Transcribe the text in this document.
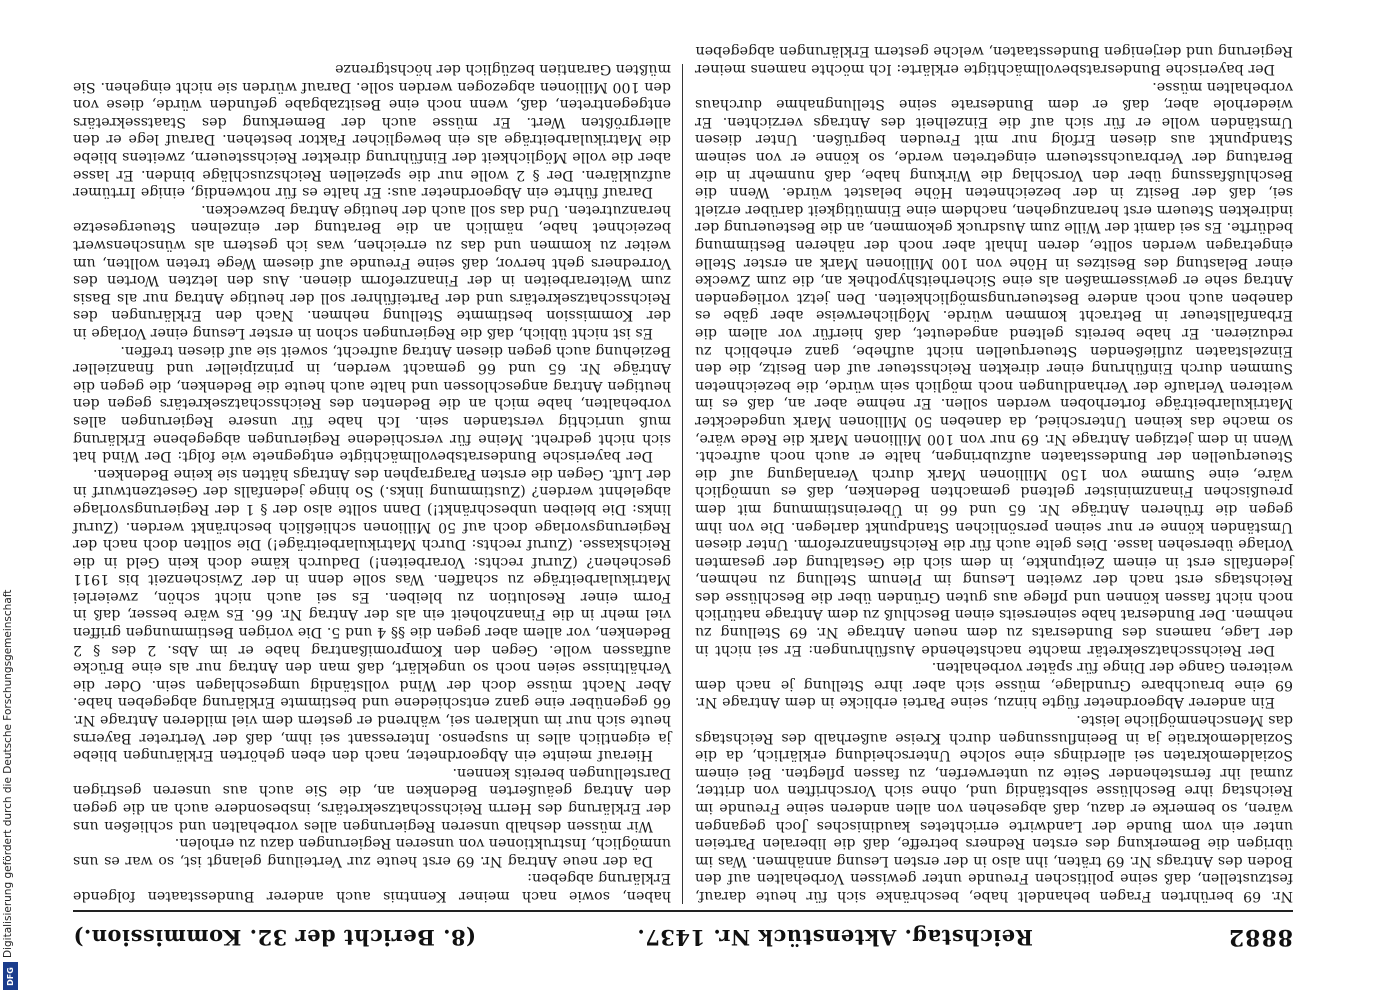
8882
Reichstag. Aktenstück Nr. 1437.
(8. Bericht der 32. Kommission.)

Nr. 69 berührten Fragen behandelt habe, beschränke sich für heute darauf, festzustellen, daß seine politischen Freunde unter gewissen Vorbehalten auf den Boden des Antrags Nr. 69 träten, ihn also in der ersten Lesung annähmen. Was im übrigen die Bemerkung des ersten Redners betreffe, daß die liberalen Parteien unter ein vom Bunde der Landwirte errichtetes kaudinisches Joch gegangen wären, so bemerke er dazu, daß abgesehen von allen anderen seine Freunde im Reichstag ihre Beschlüsse selbständig und, ohne sich Vorschriften von dritter, zumal ihr fernstehender Seite zu unterwerfen, zu fassen pflegten. Bei einem Sozialdemokraten sei allerdings eine solche Unterscheidung erklärlich, da die Sozialdemokratie ja in Beeinflussungen durch Kreise außerhalb des Reichstags das Menschenmögliche leiste.

Ein anderer Abgeordneter fügte hinzu, seine Partei erblicke in dem Antrage Nr. 69 eine brauchbare Grundlage, müsse sich aber ihre Stellung je nach dem weiteren Gange der Dinge für später vorbehalten.

Der Reichsschatzsekretär machte nachstehende Ausführungen: Er sei nicht in der Lage, namens des Bundesrats zu dem neuen Antrage Nr. 69 Stellung zu nehmen. Der Bundesrat habe seinerseits einen Beschluß zu dem Antrage natürlich noch nicht fassen können und pflege aus guten Gründen über die Beschlüsse des Reichstags erst nach der zweiten Lesung im Plenum Stellung zu nehmen, jedenfalls erst in einem Zeitpunkte, in dem sich die Gestaltung der gesamten Vorlage übersehen lasse. Dies gelte auch für die Reichsfinanzreform. Unter diesen Umständen könne er nur seinen persönlichen Standpunkt darlegen. Die von ihm gegen die früheren Anträge Nr. 65 und 66 in Übereinstimmung mit dem preußischen Finanzminister geltend gemachten Bedenken, daß es unmöglich wäre, eine Summe von 150 Millionen Mark durch Veranlagung auf die Steuerquellen der Bundesstaaten aufzubringen, halte er auch noch aufrecht. Wenn in dem jetzigen Antrage Nr. 69 nur von 100 Millionen Mark die Rede wäre, so mache das keinen Unterschied, da daneben 50 Millionen Mark ungedeckter Matrikularbeiträge forterhoben werden sollen. Er nehme aber an, daß es im weiteren Verlaufe der Verhandlungen noch möglich sein würde, die bezeichneten Summen durch Einführung einer direkten Reichssteuer auf den Besitz, die den Einzelstaaten zufließenden Steuerquellen nicht aufhebe, ganz erheblich zu reduzieren. Er habe bereits geltend angedeutet, daß hierfür vor allem die Erbanfallsteuer in Betracht kommen würde. Möglicherweise aber gäbe es daneben auch noch andere Besteuerungsmöglichkeiten. Den jetzt vorliegenden Antrag sehe er gewissermaßen als eine Sicherheitshypothek an, die zum Zwecke einer Belastung des Besitzes in Höhe von 100 Millionen Mark an erster Stelle eingetragen werden sollte, deren Inhalt aber noch der näheren Bestimmung bedürfte. Es sei damit der Wille zum Ausdruck gekommen, an die Besteuerung der indirekten Steuern erst heranzugehen, nachdem eine Einmütigkeit darüber erzielt sei, daß der Besitz in der bezeichneten Höhe belastet würde. Wenn die Beschlußfassung über den Vorschlag die Wirkung habe, daß nunmehr in die Beratung der Verbrauchssteuern eingetreten werde, so könne er von seinem Standpunkt aus diesen Erfolg nur mit Freuden begrüßen. Unter diesen Umständen wolle er für sich auf die Einzelheit des Antrags verzichten. Er wiederhole aber, daß er dem Bundesrate seine Stellungnahme durchaus vorbehalten müsse.

Der bayerische Bundesratsbevollmächtigte erklärte: Ich möchte namens meiner Regierung und derjenigen Bundesstaaten, welche gestern Erklärungen abgegeben

haben, sowie nach meiner Kenntnis auch anderer Bundesstaaten folgende Erklärung abgeben:

Da der neue Antrag Nr. 69 erst heute zur Verteilung gelangt ist, so war es uns unmöglich, Instruktionen von unseren Regierungen dazu zu erholen.

Wir müssen deshalb unseren Regierungen alles vorbehalten und schließen uns der Erklärung des Herrn Reichsschatzsekretärs, insbesondere auch an die gegen den Antrag geäußerten Bedenken an, die Sie auch aus unseren gestrigen Darstellungen bereits kennen.

Hierauf meinte ein Abgeordneter, nach den eben gehörten Erklärungen bliebe ja eigentlich alles in suspenso. Interessant sei ihm, daß der Vertreter Bayerns heute sich nur im unklaren sei, während er gestern dem viel milderen Antrage Nr. 66 gegenüber eine ganz entschiedene und bestimmte Erklärung abgegeben habe. Aber Nacht müsse doch der Wind vollständig umgeschlagen sein. Oder die Verhältnisse seien noch so ungeklärt, daß man den Antrag nur als eine Brücke auffassen wolle. Gegen den Kompromißantrag habe er im Abs. 2 des § 2 Bedenken, vor allem aber gegen die §§ 4 und 5. Die vorigen Bestimmungen griffen viel mehr in die Finanzhoheit ein als der Antrag Nr. 66. Es wäre besser, daß in Form einer Resolution zu bleiben. Es sei auch nicht schön, zweierlei Matrikularbeiträge zu schaffen. Was solle denn in der Zwischenzeit bis 1911 geschehen? (Zuruf rechts: Vorarbeiten!) Dadurch käme doch kein Geld in die Reichskasse. (Zuruf rechts: Durch Matrikularbeiträge!) Die sollten doch nach der Regierungsvorlage doch auf 50 Millionen schließlich beschränkt werden. (Zuruf links: Die bleiben unbeschränkt!) Dann sollte also der § 1 der Regierungsvorlage abgelehnt werden? (Zustimmung links.) So hinge jedenfalls der Gesetzentwurf in der Luft. Gegen die ersten Paragraphen des Antrags hätten sie keine Bedenken.

Der bayerische Bundesratsbevollmächtigte entgegnete wie folgt: Der Wind hat sich nicht gedreht. Meine für verschiedene Regierungen abgegebene Erklärung muß unrichtig verstanden sein. Ich habe für unsere Regierungen alles vorbehalten, habe mich an die Bedenten des Reichsschatzsekretärs gegen den heutigen Antrag angeschlossen und halte auch heute die Bedenken, die gegen die Anträge Nr. 65 und 66 gemacht werden, in prinzipieller und finanzieller Beziehung auch gegen diesen Antrag aufrecht, soweit sie auf diesen treffen.

Es ist nicht üblich, daß die Regierungen schon in erster Lesung einer Vorlage in der Kommission bestimmte Stellung nehmen. Nach den Erklärungen des Reichsschatzsekretärs und der Parteiführer soll der heutige Antrag nur als Basis zum Weiterarbeiten in der Finanzreform dienen. Aus den letzten Worten des Vorredners geht hervor, daß seine Freunde auf diesem Wege treten wollten, um weiter zu kommen und das zu erreichen, was ich gestern als wünschenswert bezeichnet habe, nämlich an die Beratung der einzelnen Steuergesetze heranzutreten. Und das soll auch der heutige Antrag bezwecken.

Darauf führte ein Abgeordneter aus: Er halte es für notwendig, einige Irrtümer aufzuklären. Der § 2 wolle nur die speziellen Reichszuschläge binden. Er lasse aber die volle Möglichkeit der Einführung direkter Reichssteuern, zweitens bliebe die Matrikularbeiträge als ein beweglicher Faktor bestehen. Darauf lege er den allergrößten Wert. Er müsse auch der Bemerkung des Staatssekretärs entgegentreten, daß, wenn noch eine Besitzabgabe gefunden würde, diese von den 100 Millionen abgezogen werden solle. Darauf würden sie nicht eingehen. Sie müßten Garantien bezüglich der höchstgrenze

Digitalisierung gefördert durch die Deutsche Forschungsgemeinschaft
DFG
